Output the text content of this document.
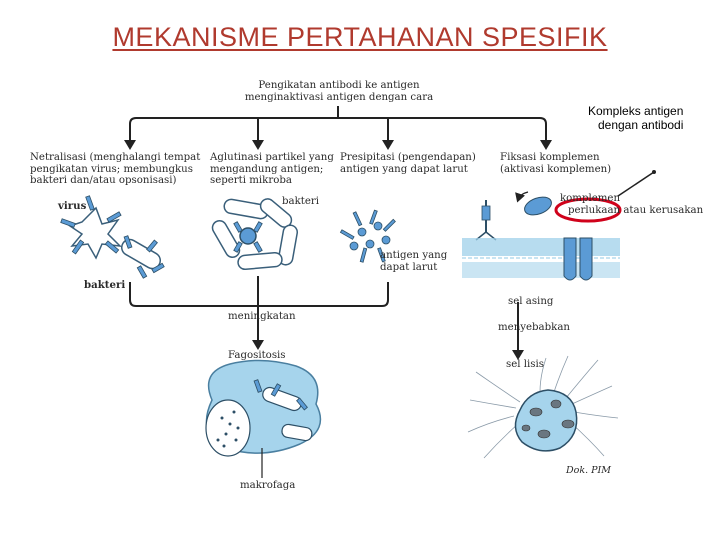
MEKANISME PERTAHANAN SPESIFIK
Kompleks antigen
dengan antibodi
Pengikatan antibodi ke antigen
menginaktivasi antigen dengan cara
Netralisasi (menghalangi tempat
pengikatan virus; membungkus
bakteri dan/atau opsonisasi)
Aglutinasi partikel yang
mengandung antigen;
seperti mikroba
Presipitasi (pengendapan)
antigen yang dapat larut
Fiksasi komplemen
(aktivasi komplemen)
virus
bakteri
bakteri
antigen yang
dapat larut
komplemen
perlukaan atau kerusakan
meningkatan
Fagositosis
makrofaga
sel asing
menyebabkan
sel lisis
Dok. PIM
